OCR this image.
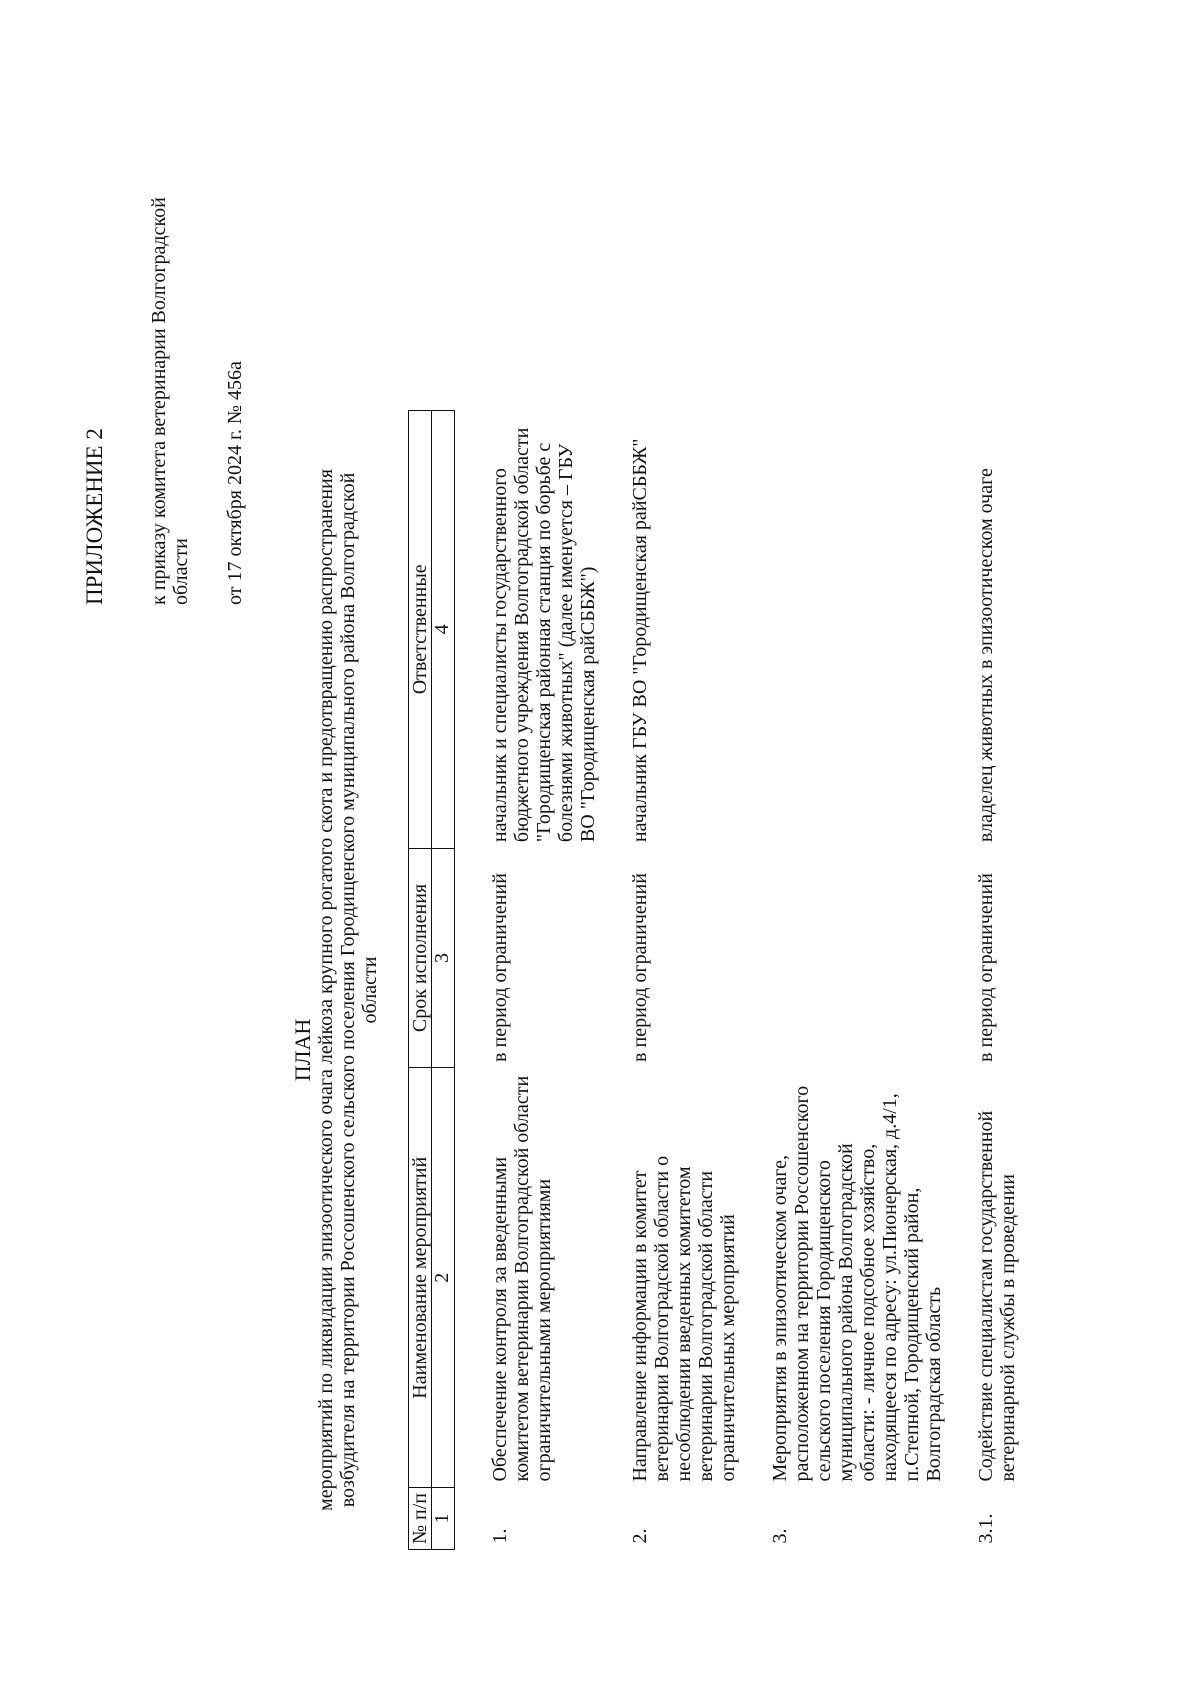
ПРИЛОЖЕНИЕ 2 к приказу комитета ветеринарии Волгоградской области от 17 октября 2024 г. № 456а
ПЛАН мероприятий по ликвидации эпизоотического очага лейкоза крупного рогатого скота и предотвращению распространения возбудителя на территории Россошенского сельского поселения Городищенского муниципального района Волгоградской области
№ п/п	Наименование мероприятий	Срок исполнения	Ответственные
1	2	3	4

1.	Обеспечение контроля за введенными комитетом ветеринарии Волгоградской области ограничительными мероприятиями	в период ограничений	начальник и специалисты государственного бюджетного учреждения Волгоградской области "Городищенская районная станция по борьбе с болезнями животных" (далее именуется – ГБУ ВО "Городищенская райСББЖ")
2.	Направление информации в комитет ветеринарии Волгоградской области о несоблюдении введенных комитетом ветеринарии Волгоградской области ограничительных мероприятий	в период ограничений	начальник ГБУ ВО "Городищенская райСББЖ"
3.	Мероприятия в эпизоотическом очаге, расположенном на территории Россошенского сельского поселения Городищенского муниципального района Волгоградской области: - личное подсобное хозяйство, находящееся по адресу: ул.Пионерская, д.4/1, п.Степной, Городищенский район, Волгоградская область		
3.1.	Содействие специалистам государственной ветеринарной службы в проведении	в период ограничений	владелец животных в эпизоотическом очаге
